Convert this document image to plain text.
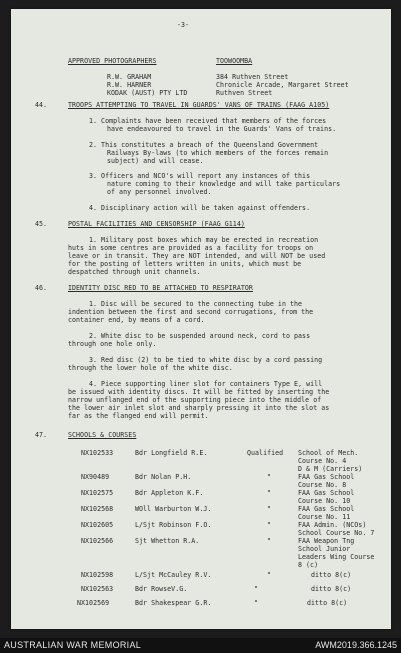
-3-
APPROVED PHOTOGRAPHERS	TOOWOOMBA
R.W. GRAHAM	384 Ruthven Street
R.W. HARNER	Chronicle Arcade, Margaret Street
KODAK (AUST) PTY LTD	Ruthven Street
44.	TROOPS ATTEMPTING TO TRAVEL IN GUARDS' VANS OF TRAINS (FAAG A105)
1. Complaints have been received that members of the forces
have endeavoured to travel in the Guards' Vans of trains.
2. This constitutes a breach of the Queensland Government
Railways By-laws (to which members of the forces remain
subject) and will cease.
3. Officers and NCO's will report any instances of this
nature coming to their knowledge and will take particulars
of any personnel involved.
4. Disciplinary action will be taken against offenders.
45.	POSTAL FACILITIES AND CENSORSHIP (FAAG G114)
1. Military post boxes which may be erected in recreation
huts in some centres are provided as a facility for troops on
leave or in transit. They are NOT intended, and will NOT be used
for the posting of letters written in units, which must be
despatched through unit channels.
46.	IDENTITY DISC RED TO BE ATTACHED TO RESPIRATOR
1. Disc will be secured to the connecting tube in the
indention between the first and second corrugations, from the
container end, by means of a cord.
2. White disc to be suspended around neck, cord to pass
through one hole only.
3. Red disc (2) to be tied to white disc by a cord passing
through the lower hole of the white disc.
4. Piece supporting liner slot for containers Type E, will
be issued with identity discs. It will be fitted by inserting the
narrow unflanged end of the supporting piece into the middle of
the lower air inlet slot and sharply pressing it into the slot as
far as the flanged end will permit.
47.	SCHOOLS & COURSES
NX102533	Bdr Longfield R.E.	Qualified School of Mech.
Course No. 4
D & M (Carriers)
NX90489	Bdr Nolan P.H.	"	FAA Gas School
Course No. 8
NX102575	Bdr Appleton K.F.	"	FAA Gas School
Course No. 10
NX102568	WOll Warburton W.J.	"	FAA Gas School
Course No. 11
NX102605	L/Sjt Robinson F.O.	"	FAA Admin. (NCOs)
School Course No. 7
NX102566	Sjt Whetton R.A.	"	FAA Weapon Tng
School Junior
Leaders Wing Course
8 (c)
NX102598	L/Sjt McCauley R.V.	"	ditto 8(c)
NX102563	Bdr RowseV.G.	"	ditto 8(c)
NX102569	Bdr Shakespear G.R.	"	ditto 8(c)
AUSTRALIAN WAR MEMORIAL	AWM2019.366.1245
